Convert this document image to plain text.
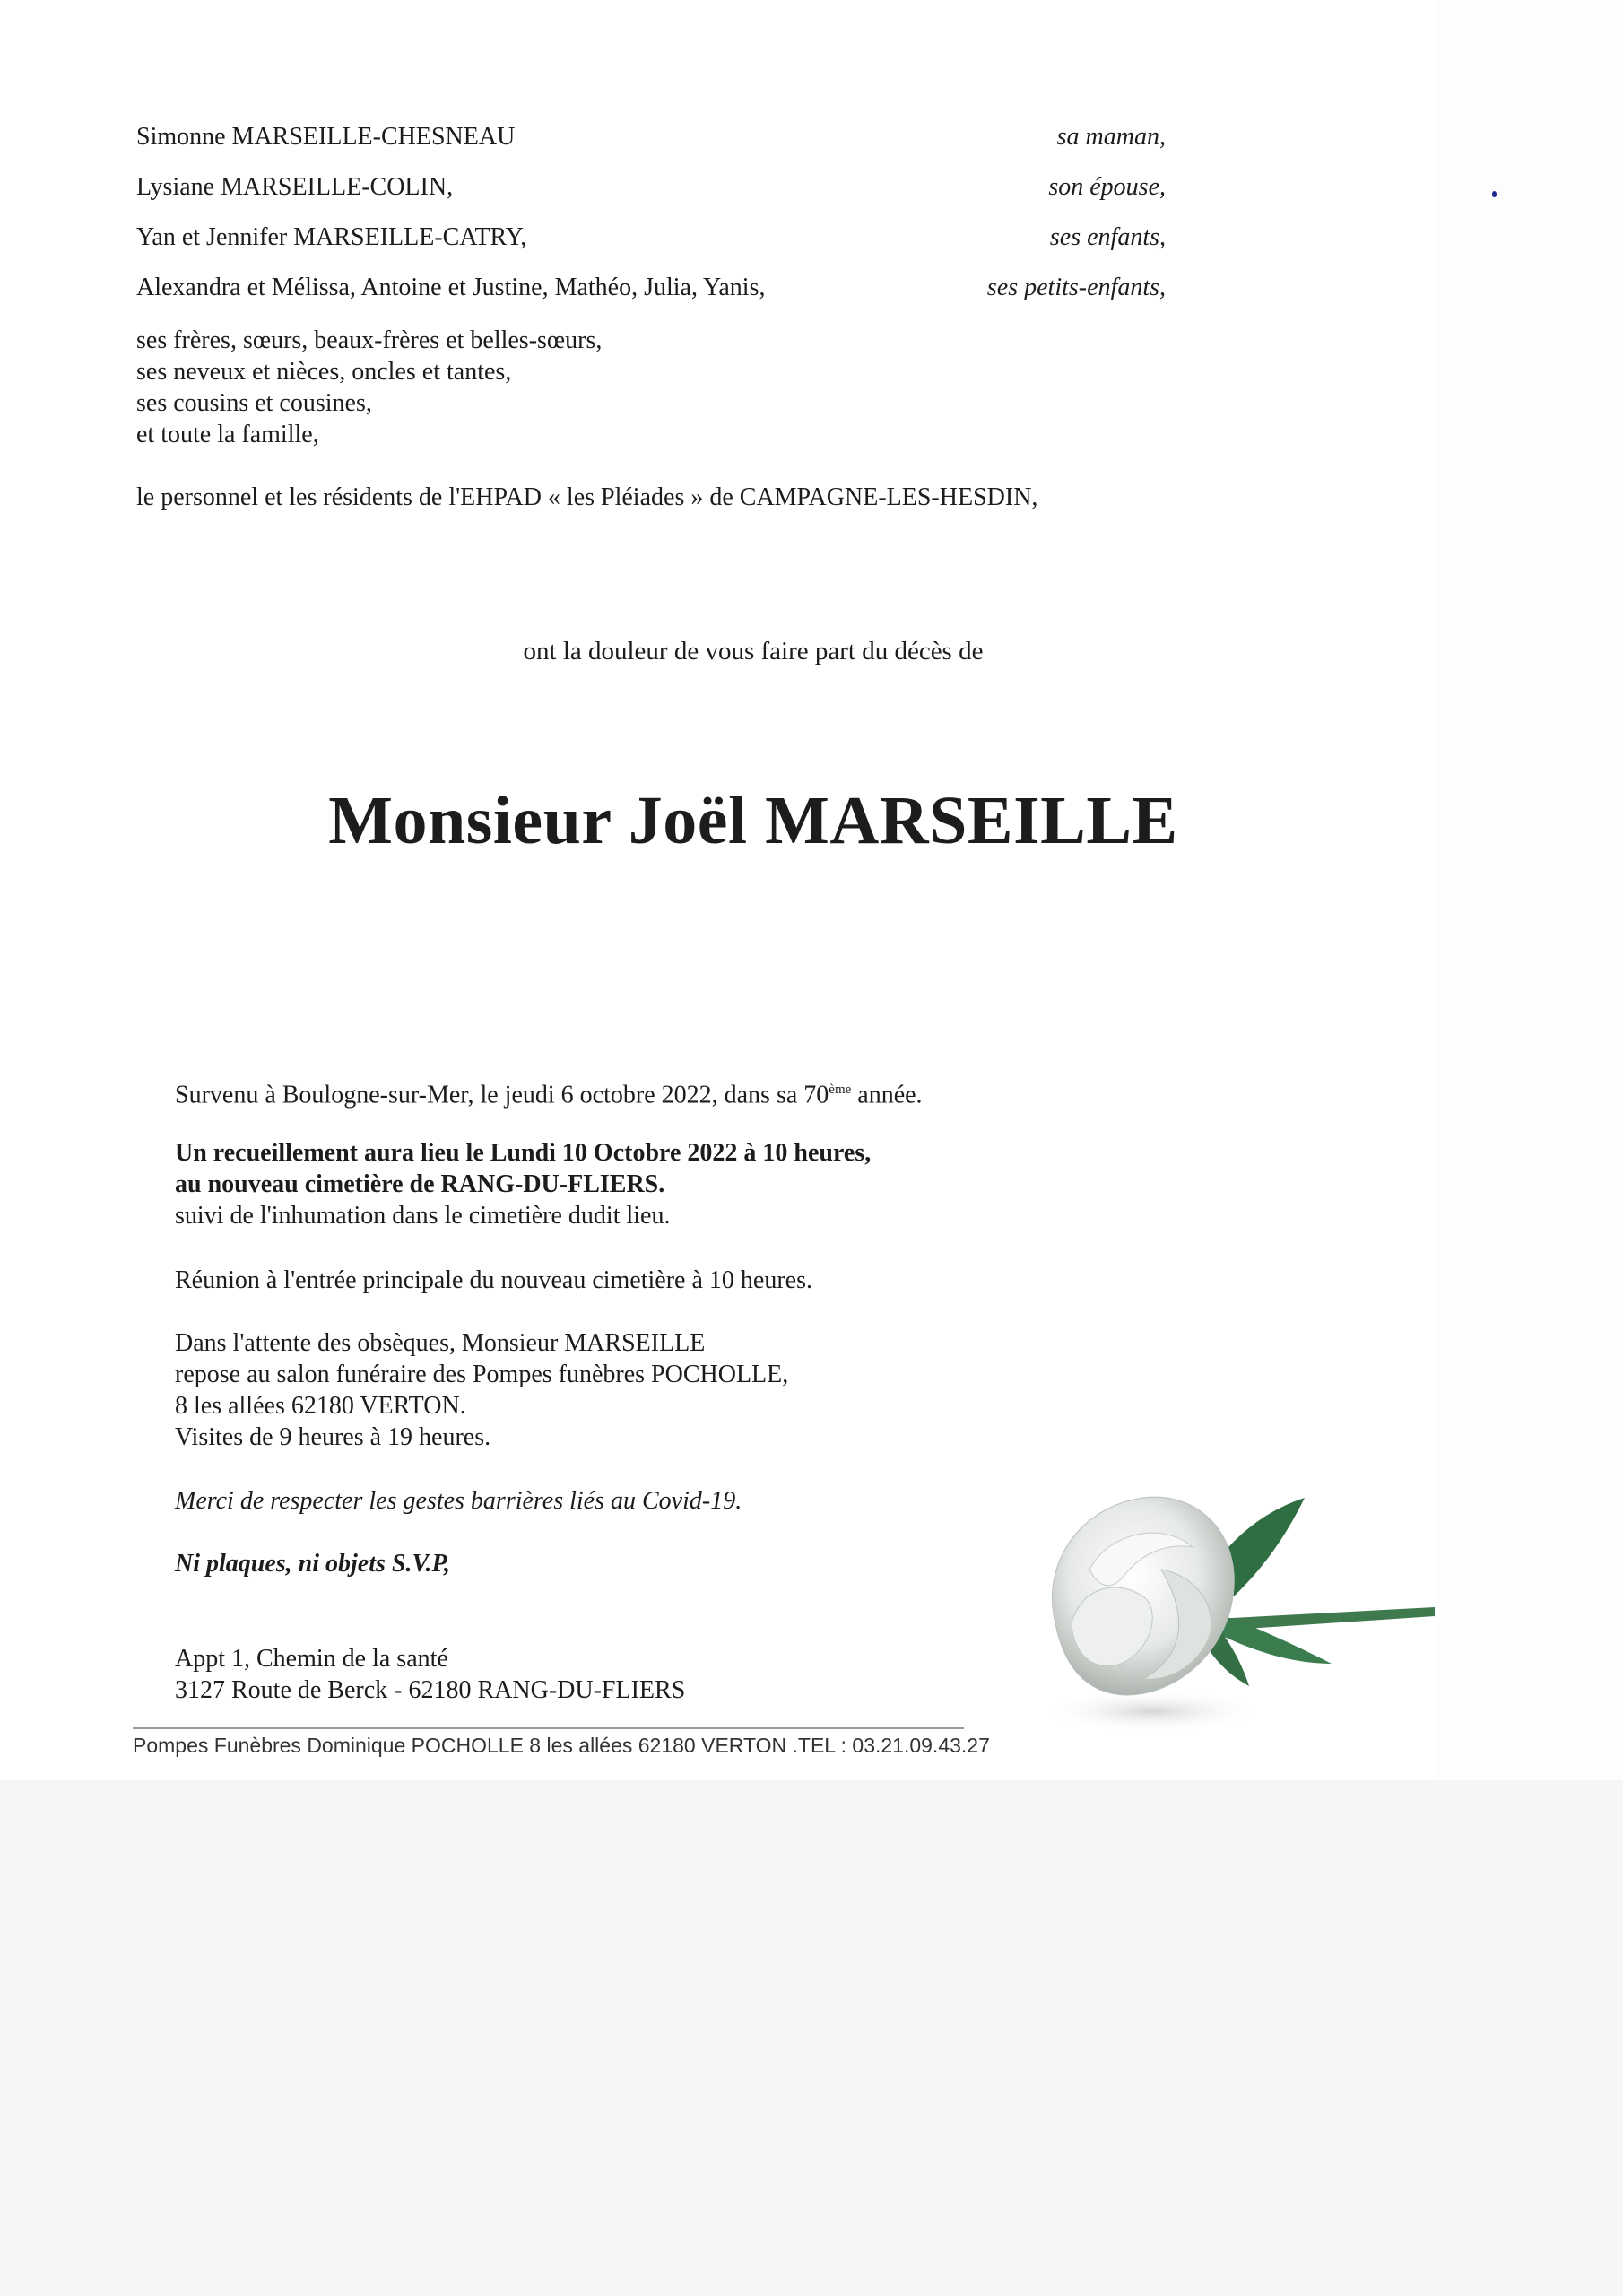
Simonne MARSEILLE-CHESNEAU	sa maman,
Lysiane MARSEILLE-COLIN,	son épouse,
Yan et Jennifer MARSEILLE-CATRY,	ses enfants,
Alexandra et Mélissa, Antoine et Justine, Mathéo, Julia, Yanis,	ses petits-enfants,
ses frères, sœurs, beaux-frères et belles-sœurs,
ses neveux et nièces, oncles et tantes,
ses cousins et cousines,
et toute la famille,
le personnel et les résidents de l'EHPAD « les Pléiades » de CAMPAGNE-LES-HESDIN,
ont la douleur de vous faire part du décès de
Monsieur Joël MARSEILLE
Survenu à Boulogne-sur-Mer, le jeudi 6 octobre 2022, dans sa 70ème année.
Un recueillement aura lieu le Lundi 10 Octobre 2022 à 10 heures,
au nouveau cimetière de RANG-DU-FLIERS.
suivi de l'inhumation dans le cimetière dudit lieu.
Réunion à l'entrée principale du nouveau cimetière à 10 heures.
Dans l'attente des obsèques, Monsieur MARSEILLE
repose au salon funéraire des Pompes funèbres POCHOLLE,
8 les allées 62180 VERTON.
Visites de 9 heures à 19 heures.
Merci de respecter les gestes barrières liés au Covid-19.
Ni plaques, ni objets S.V.P,
Appt 1, Chemin de la santé
3127 Route de Berck - 62180 RANG-DU-FLIERS
Pompes Funèbres Dominique POCHOLLE 8 les allées 62180 VERTON .TEL : 03.21.09.43.27
